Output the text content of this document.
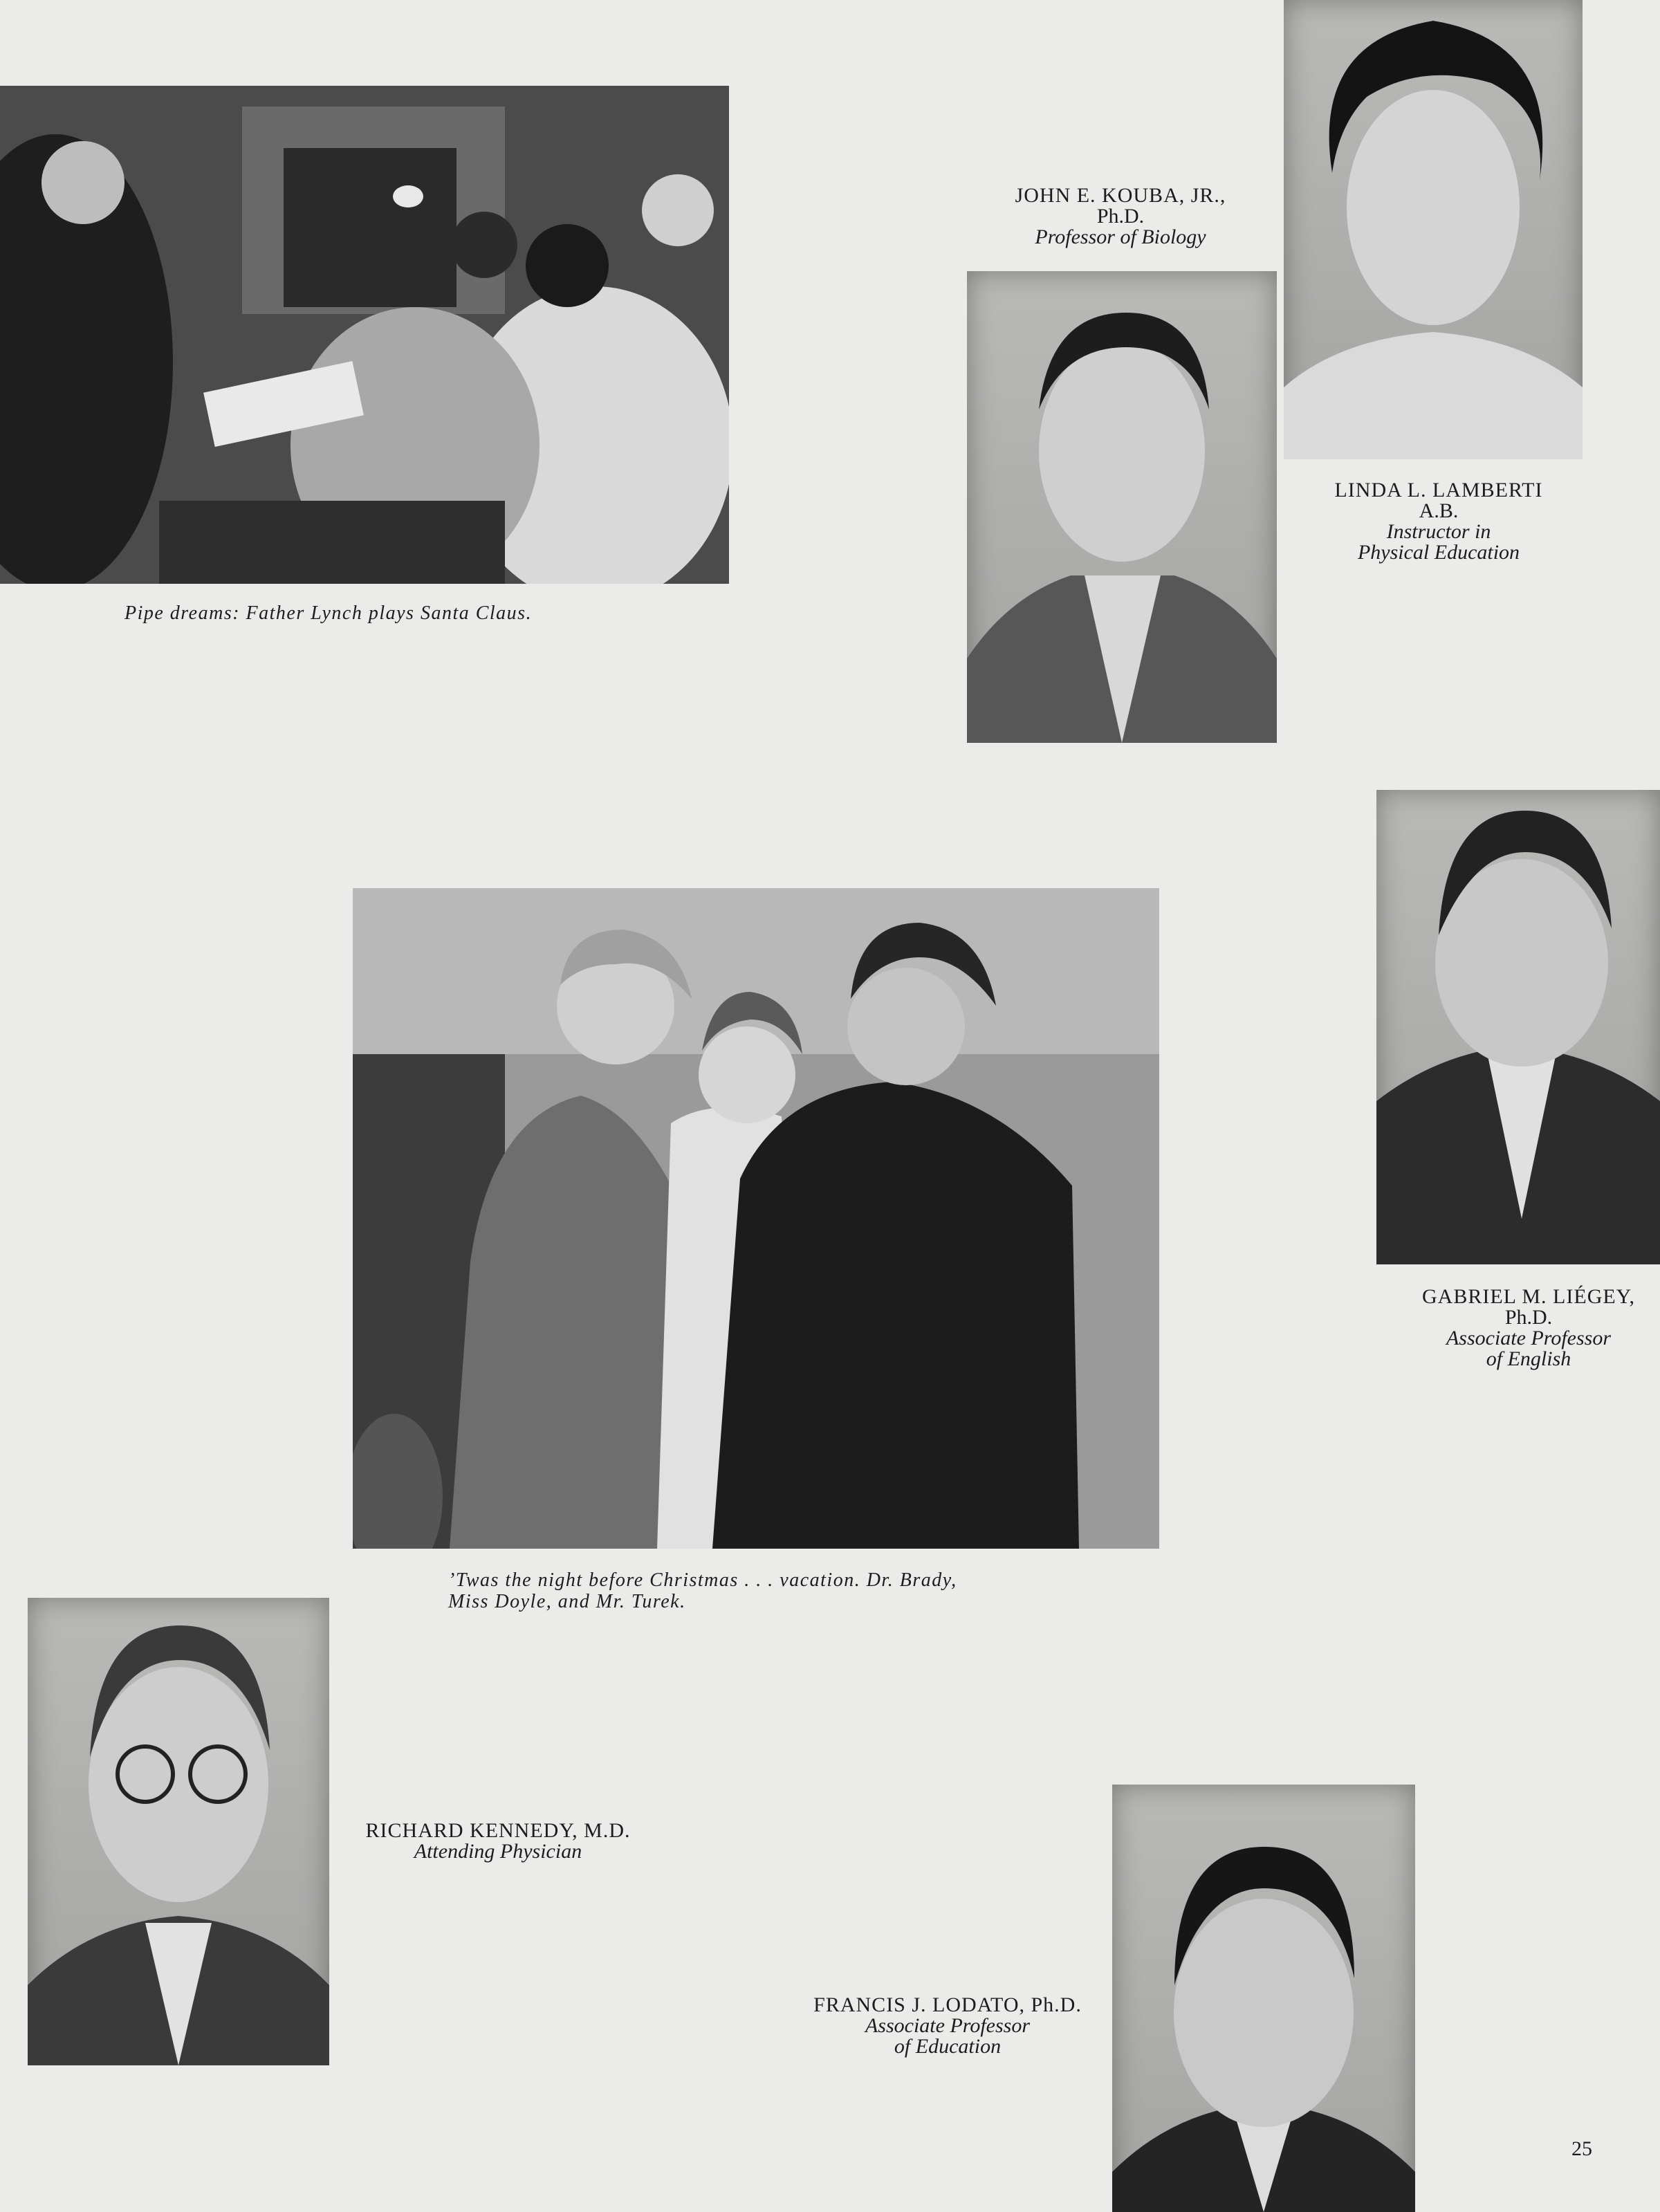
Pipe dreams: Father Lynch plays Santa Claus.
JOHN E. KOUBA, JR.,
Ph.D.
Professor of Biology
LINDA L. LAMBERTI
A.B.
Instructor in
Physical Education
GABRIEL M. LIÉGEY,
Ph.D.
Associate Professor
of English
’Twas the night before Christmas . . . vacation. Dr. Brady,
Miss Doyle, and Mr. Turek.
RICHARD KENNEDY, M.D.
Attending Physician
FRANCIS J. LODATO, Ph.D.
Associate Professor
of Education
25
